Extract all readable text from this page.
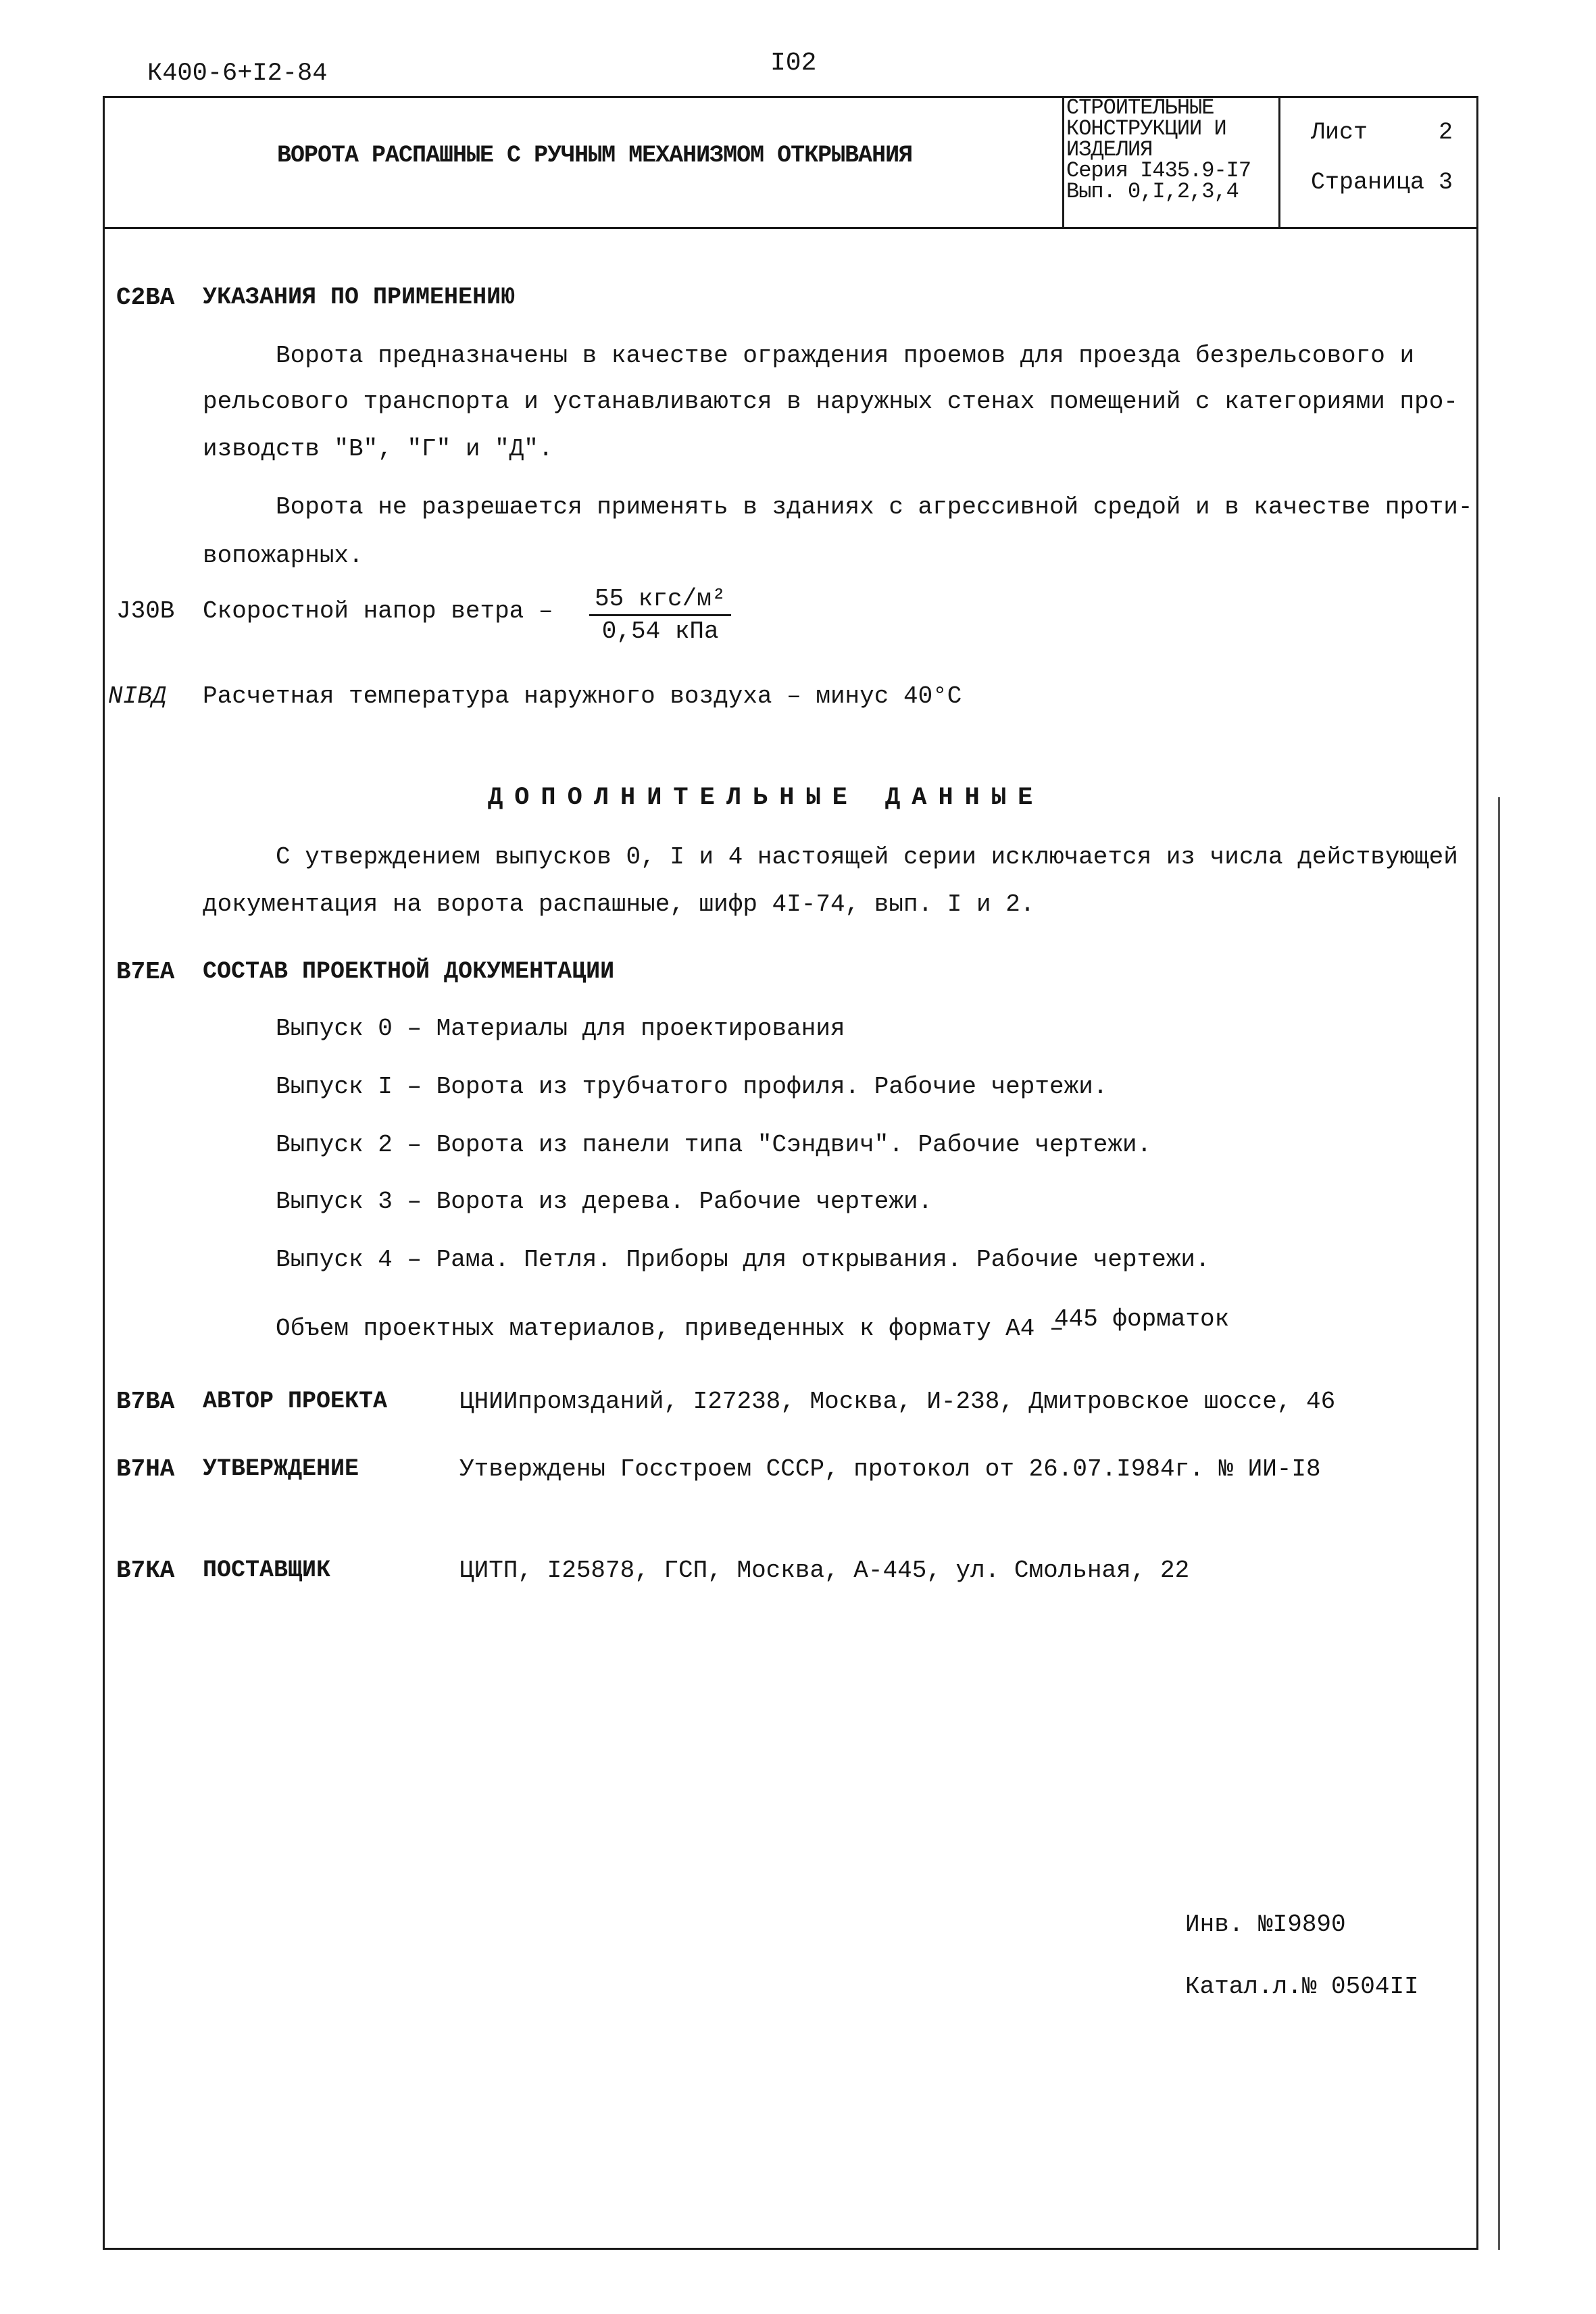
К400-6+I2-84	I02
ВОРОТА РАСПАШНЫЕ С РУЧНЫМ МЕХАНИЗМОМ ОТКРЫВАНИЯ
СТРОИТЕЛЬНЫЕ
КОНСТРУКЦИИ И
ИЗДЕЛИЯ
Серия I435.9-I7
Вып. 0,I,2,3,4
Лист	2
Страница 3
С2ВА УКАЗАНИЯ ПО ПРИМЕНЕНИЮ
Ворота предназначены в качестве ограждения проемов для проезда безрельсового и
рельсового транспорта и устанавливаются в наружных стенах помещений с категориями про-
изводств "В", "Г" и "Д".
Ворота не разрешается применять в зданиях с агрессивной средой и в качестве проти-
вопожарных.
J30В Скоростной напор ветра – 55 кгс/м²
0,54 кПа
NIВД Расчетная температура наружного воздуха – минус 40°С
ДОПОЛНИТЕЛЬНЫЕ ДАННЫЕ
С утверждением выпусков 0, I и 4 настоящей серии исключается из числа действующей
документация на ворота распашные, шифр 4I-74, вып. I и 2.
В7ЕА СОСТАВ ПРОЕКТНОЙ ДОКУМЕНТАЦИИ
Выпуск 0 – Материалы для проектирования
Выпуск I – Ворота из трубчатого профиля. Рабочие чертежи.
Выпуск 2 – Ворота из панели типа "Сэндвич". Рабочие чертежи.
Выпуск 3 – Ворота из дерева. Рабочие чертежи.
Выпуск 4 – Рама. Петля. Приборы для открывания. Рабочие чертежи.
Объем проектных материалов, приведенных к формату А4 –
445 форматок
В7ВА АВТОР ПРОЕКТА	ЦНИИпромзданий, I27238, Москва, И-238, Дмитровское шоссе, 46
В7НА УТВЕРЖДЕНИЕ	Утверждены Госстроем СССР, протокол от 26.07.I984г. № ИИ-I8
В7КА ПОСТАВЩИК	ЦИТП, I25878, ГСП, Москва, А-445, ул. Смольная, 22
Инв. №I9890
Катал.л.№ 0504II
